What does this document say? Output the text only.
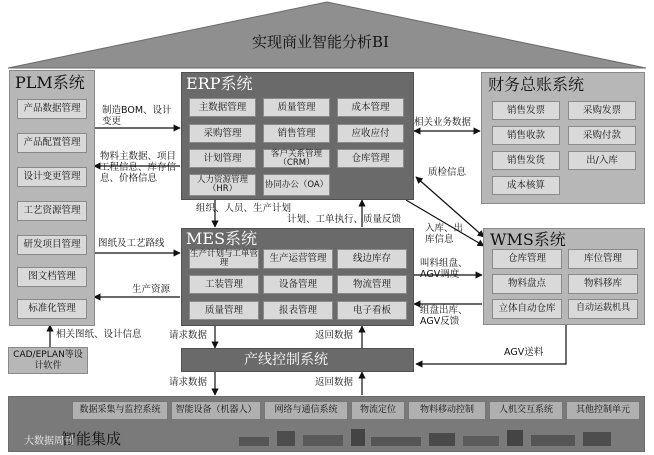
实现商业智能分析BI
PLM系统
产品数据管理
产品配置管理
设计变更管理
工艺资源管理
研发项目管理
图文档管理
标准化管理
ERP系统
主数据管理	质量管理	成本管理
采购管理	销售管理	应收应付
计划管理	客户关系管理（CRM）	仓库管理
人力资源管理（HR）	协同办公（OA）
财务总账系统
销售发票	采购发票
销售收款	采购付款
销售发货	出/入库
成本核算
MES系统
生产计划与工单管理	生产运营管理	线边库存
工装管理	设备管理	物流管理
质量管理	报表管理	电子看板
WMS系统
仓库管理	库位管理
物料盘点	物料移库
立体自动仓库	自动运载机具
CAD/EPLAN等设计软件	产线控制系统
数据采集与监控系统	智能设备（机器人）	网络与通信系统	物流定位	物料移动控制	人机交互系统	其他控制单元
智能集成
大数据周刊
制造BOM、设计变更
物料主数据、项目工程信息、库存信息、价格信息
图纸及工艺路线
生产资源
相关业务数据
质检信息
组织、人员、生产计划
计划、工单执行、质量反馈
入库、出库信息
叫料组盘、AGV调度
组盘出库、AGV反馈
相关图纸、设计信息	请求数据	返回数据
请求数据	返回数据
AGV送料
